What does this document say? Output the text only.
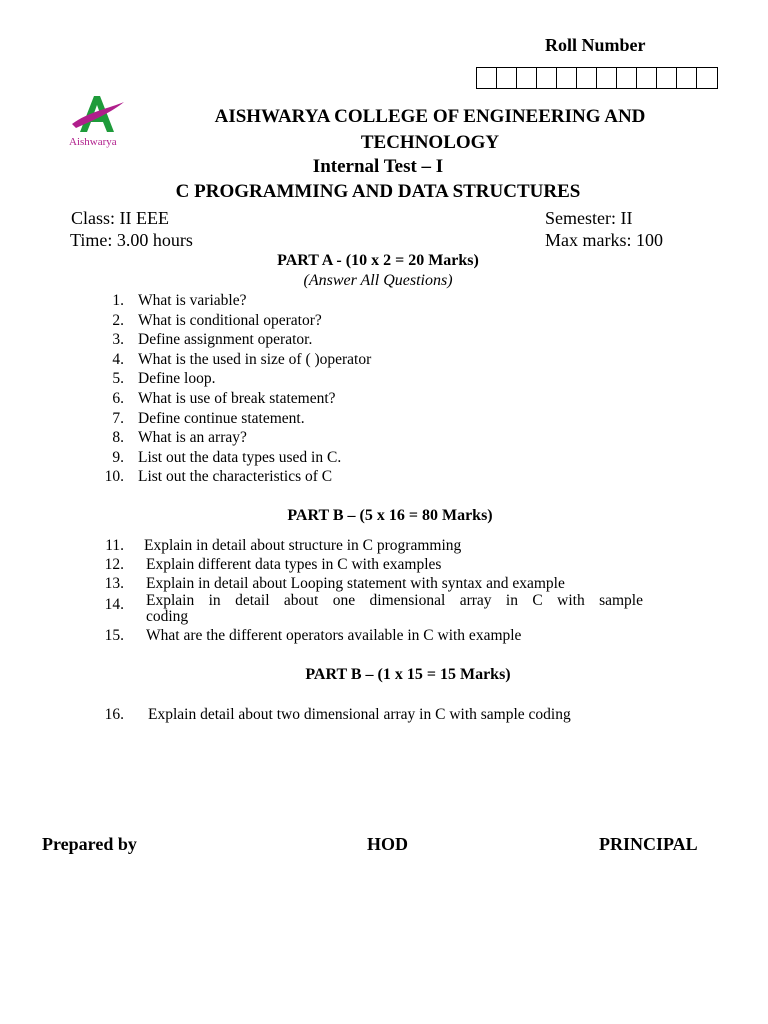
Roll Number
Aishwarya
AISHWARYA COLLEGE OF ENGINEERING AND
TECHNOLOGY
Internal Test – I
C PROGRAMMING AND DATA STRUCTURES
Class: II EEE
Time: 3.00 hours
Semester: II
Max marks: 100
PART A - (10 x 2 = 20 Marks)
(Answer All Questions)
1. What is variable?
2. What is conditional operator?
3. Define assignment operator.
4. What is the used in size of ( )operator
5. Define loop.
6. What is use of break statement?
7. Define continue statement.
8. What is an array?
9. List out the data types used in C.
10. List out the characteristics of C
PART B – (5 x 16 = 80 Marks)
11. Explain in detail about structure in C programming
12. Explain different data types in C with examples
13. Explain in detail about Looping statement with syntax and example
14. Explain in detail about one dimensional array in C with sample
coding
15. What are the different operators available in C with example
PART B – (1 x 15 = 15 Marks)
16. Explain detail about two dimensional array in C with sample coding
Prepared by	HOD	PRINCIPAL
